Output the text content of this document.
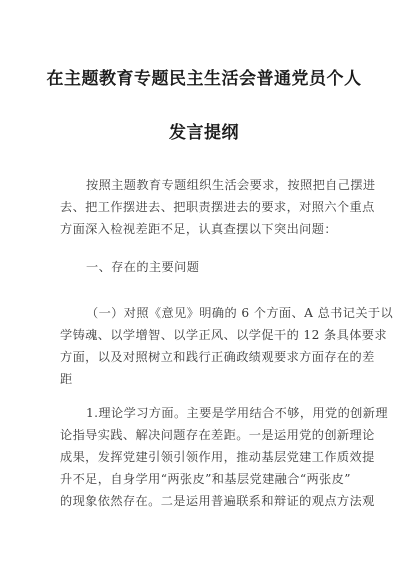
在主题教育专题民主生活会普通党员个人
发言提纲

按照主题教育专题组织生活会要求，按照把自己摆进
去、把工作摆进去、把职责摆进去的要求，对照六个重点
方面深入检视差距不足，认真查摆以下突出问题：

一、存在的主要问题

（一）对照《意见》明确的 6 个方面、A 总书记关于以
学铸魂、以学增智、以学正风、以学促干的 12 条具体要求
方面，以及对照树立和践行正确政绩观要求方面存在的差
距

1.理论学习方面。主要是学用结合不够，用党的创新理
论指导实践、解决问题存在差距。一是运用党的创新理论
成果，发挥党建引领引领作用，推动基层党建工作质效提
升不足，自身学用“两张皮”和基层党建融合“两张皮”
的现象依然存在。二是运用普遍联系和辩证的观点方法观
